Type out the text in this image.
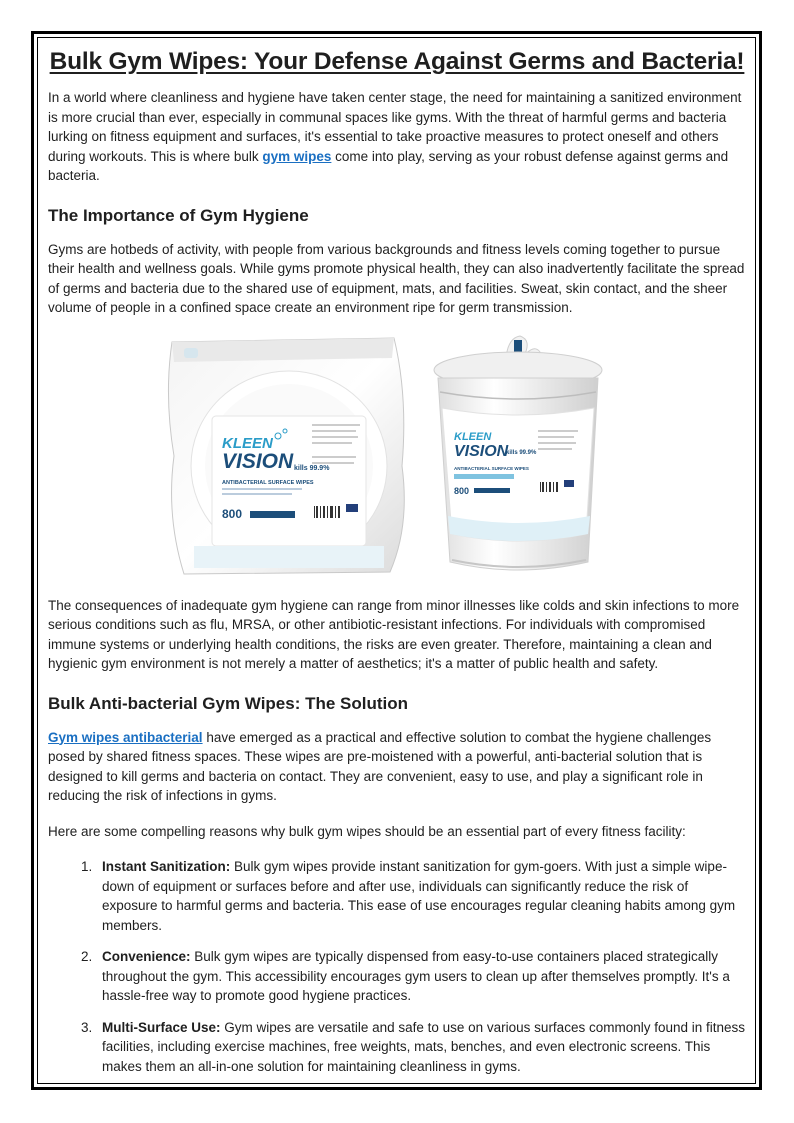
Bulk Gym Wipes: Your Defense Against Germs and Bacteria!

In a world where cleanliness and hygiene have taken center stage, the need for maintaining a sanitized environment is more crucial than ever, especially in communal spaces like gyms. With the threat of harmful germs and bacteria lurking on fitness equipment and surfaces, it's essential to take proactive measures to protect oneself and others during workouts. This is where bulk gym wipes come into play, serving as your robust defense against germs and bacteria.

The Importance of Gym Hygiene

Gyms are hotbeds of activity, with people from various backgrounds and fitness levels coming together to pursue their health and wellness goals. While gyms promote physical health, they can also inadvertently facilitate the spread of germs and bacteria due to the shared use of equipment, mats, and facilities. Sweat, skin contact, and the sheer volume of people in a confined space create an environment ripe for germ transmission.

KLEEN
VISION kills 99.9%
ANTIBACTERIAL SURFACE WIPES
800
KLEEN
VISION
kills 99.9%
ANTIBACTERIAL SURFACE WIPES
800

The consequences of inadequate gym hygiene can range from minor illnesses like colds and skin infections to more serious conditions such as flu, MRSA, or other antibiotic-resistant infections. For individuals with compromised immune systems or underlying health conditions, the risks are even greater. Therefore, maintaining a clean and hygienic gym environment is not merely a matter of aesthetics; it's a matter of public health and safety.

Bulk Anti-bacterial Gym Wipes: The Solution

Gym wipes antibacterial have emerged as a practical and effective solution to combat the hygiene challenges posed by shared fitness spaces. These wipes are pre-moistened with a powerful, anti-bacterial solution that is designed to kill germs and bacteria on contact. They are convenient, easy to use, and play a significant role in reducing the risk of infections in gyms.

Here are some compelling reasons why bulk gym wipes should be an essential part of every fitness facility:

1. Instant Sanitization: Bulk gym wipes provide instant sanitization for gym-goers. With just a simple wipe-down of equipment or surfaces before and after use, individuals can significantly reduce the risk of exposure to harmful germs and bacteria. This ease of use encourages regular cleaning habits among gym members.
2. Convenience: Bulk gym wipes are typically dispensed from easy-to-use containers placed strategically throughout the gym. This accessibility encourages gym users to clean up after themselves promptly. It's a hassle-free way to promote good hygiene practices.
3. Multi-Surface Use: Gym wipes are versatile and safe to use on various surfaces commonly found in fitness facilities, including exercise machines, free weights, mats, benches, and even electronic screens. This makes them an all-in-one solution for maintaining cleanliness in gyms.
